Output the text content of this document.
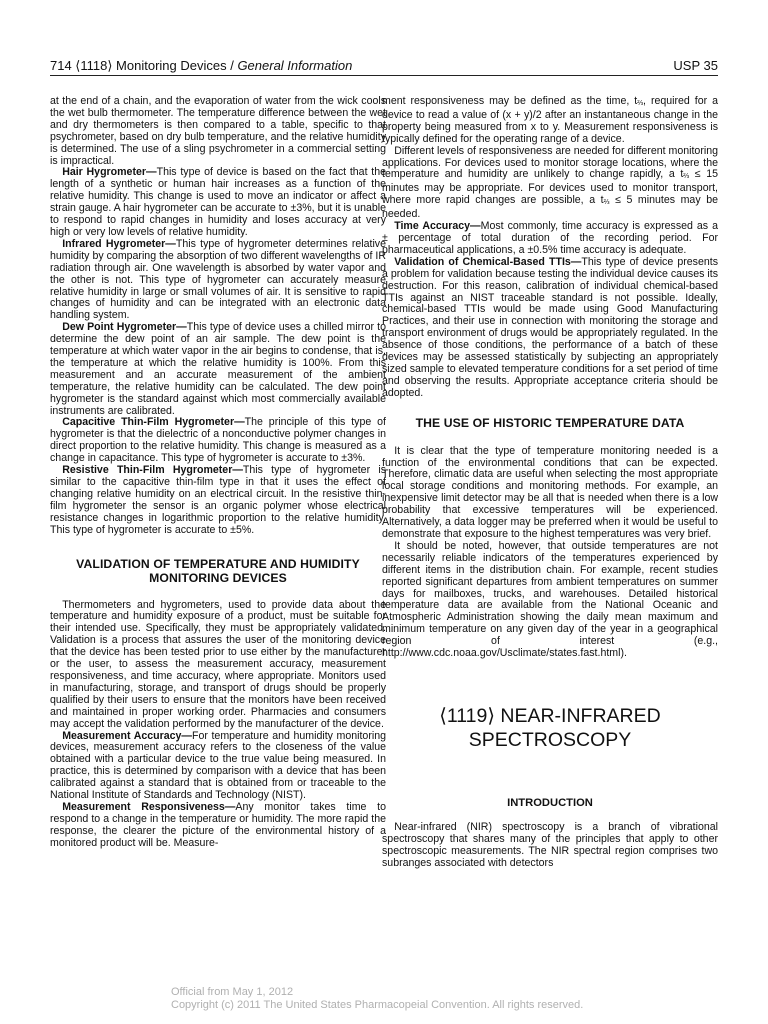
714 ⟨1118⟩ Monitoring Devices / General Information	USP 35

at the end of a chain, and the evaporation of water from the wick cools the wet bulb thermometer. The temperature difference between the wet and dry thermometers is then compared to a table, specific to that psychrometer, based on dry bulb temperature, and the relative humidity is determined. The use of a sling psychrometer in a commercial setting is impractical.

Hair Hygrometer—This type of device is based on the fact that the length of a synthetic or human hair increases as a function of the relative humidity. This change is used to move an indicator or affect a strain gauge. A hair hygrometer can be accurate to ±3%, but it is unable to respond to rapid changes in humidity and loses accuracy at very high or very low levels of relative humidity.

Infrared Hygrometer—This type of hygrometer determines relative humidity by comparing the absorption of two different wavelengths of IR radiation through air. One wavelength is absorbed by water vapor and the other is not. This type of hygrometer can accurately measure relative humidity in large or small volumes of air. It is sensitive to rapid changes of humidity and can be integrated with an electronic data handling system.

Dew Point Hygrometer—This type of device uses a chilled mirror to determine the dew point of an air sample. The dew point is the temperature at which water vapor in the air begins to condense, that is, the temperature at which the relative humidity is 100%. From this measurement and an accurate measurement of the ambient temperature, the relative humidity can be calculated. The dew point hygrometer is the standard against which most commercially available instruments are calibrated.

Capacitive Thin-Film Hygrometer—The principle of this type of hygrometer is that the dielectric of a nonconductive polymer changes in direct proportion to the relative humidity. This change is measured as a change in capacitance. This type of hygrometer is accurate to ±3%.

Resistive Thin-Film Hygrometer—This type of hygrometer is similar to the capacitive thin-film type in that it uses the effect of changing relative humidity on an electrical circuit. In the resistive thin-film hygrometer the sensor is an organic polymer whose electrical resistance changes in logarithmic proportion to the relative humidity. This type of hygrometer is accurate to ±5%.

VALIDATION OF TEMPERATURE AND HUMIDITY MONITORING DEVICES

Thermometers and hygrometers, used to provide data about the temperature and humidity exposure of a product, must be suitable for their intended use. Specifically, they must be appropriately validated. Validation is a process that assures the user of the monitoring device that the device has been tested prior to use either by the manufacturer or the user, to assess the measurement accuracy, measurement responsiveness, and time accuracy, where appropriate. Monitors used in manufacturing, storage, and transport of drugs should be properly qualified by their users to ensure that the monitors have been received and maintained in proper working order. Pharmacies and consumers may accept the validation performed by the manufacturer of the device.

Measurement Accuracy—For temperature and humidity monitoring devices, measurement accuracy refers to the closeness of the value obtained with a particular device to the true value being measured. In practice, this is determined by comparison with a device that has been calibrated against a standard that is obtained from or traceable to the National Institute of Standards and Technology (NIST).

Measurement Responsiveness—Any monitor takes time to respond to a change in the temperature or humidity. The more rapid the response, the clearer the picture of the environmental history of a monitored product will be. Measure-

ment responsiveness may be defined as the time, t⅔, required for a device to read a value of (x + y)/2 after an instantaneous change in the property being measured from x to y. Measurement responsiveness is typically defined for the operating range of a device.

Different levels of responsiveness are needed for different monitoring applications. For devices used to monitor storage locations, where the temperature and humidity are unlikely to change rapidly, a t⅔ ≤ 15 minutes may be appropriate. For devices used to monitor transport, where more rapid changes are possible, a t⅔ ≤ 5 minutes may be needed.

Time Accuracy—Most commonly, time accuracy is expressed as a ± percentage of total duration of the recording period. For pharmaceutical applications, a ±0.5% time accuracy is adequate.

Validation of Chemical-Based TTIs—This type of device presents a problem for validation because testing the individual device causes its destruction. For this reason, calibration of individual chemical-based TTIs against an NIST traceable standard is not possible. Ideally, chemical-based TTIs would be made using Good Manufacturing Practices, and their use in connection with monitoring the storage and transport environment of drugs would be appropriately regulated. In the absence of those conditions, the performance of a batch of these devices may be assessed statistically by subjecting an appropriately sized sample to elevated temperature conditions for a set period of time and observing the results. Appropriate acceptance criteria should be adopted.

THE USE OF HISTORIC TEMPERATURE DATA

It is clear that the type of temperature monitoring needed is a function of the environmental conditions that can be expected. Therefore, climatic data are useful when selecting the most appropriate local storage conditions and monitoring methods. For example, an inexpensive limit detector may be all that is needed when there is a low probability that excessive temperatures will be experienced. Alternatively, a data logger may be preferred when it would be useful to demonstrate that exposure to the highest temperatures was very brief.

It should be noted, however, that outside temperatures are not necessarily reliable indicators of the temperatures experienced by different items in the distribution chain. For example, recent studies reported significant departures from ambient temperatures on summer days for mailboxes, trucks, and warehouses. Detailed historical temperature data are available from the National Oceanic and Atmospheric Administration showing the daily mean maximum and minimum temperature on any given day of the year in a geographical region of interest (e.g., http://www.cdc.noaa.gov/Usclimate/states.fast.html).

⟨1119⟩ NEAR-INFRARED
SPECTROSCOPY
INTRODUCTION

Near-infrared (NIR) spectroscopy is a branch of vibrational spectroscopy that shares many of the principles that apply to other spectroscopic measurements. The NIR spectral region comprises two subranges associated with detectors

Official from May 1, 2012
Copyright (c) 2011 The United States Pharmacopeial Convention. All rights reserved.
